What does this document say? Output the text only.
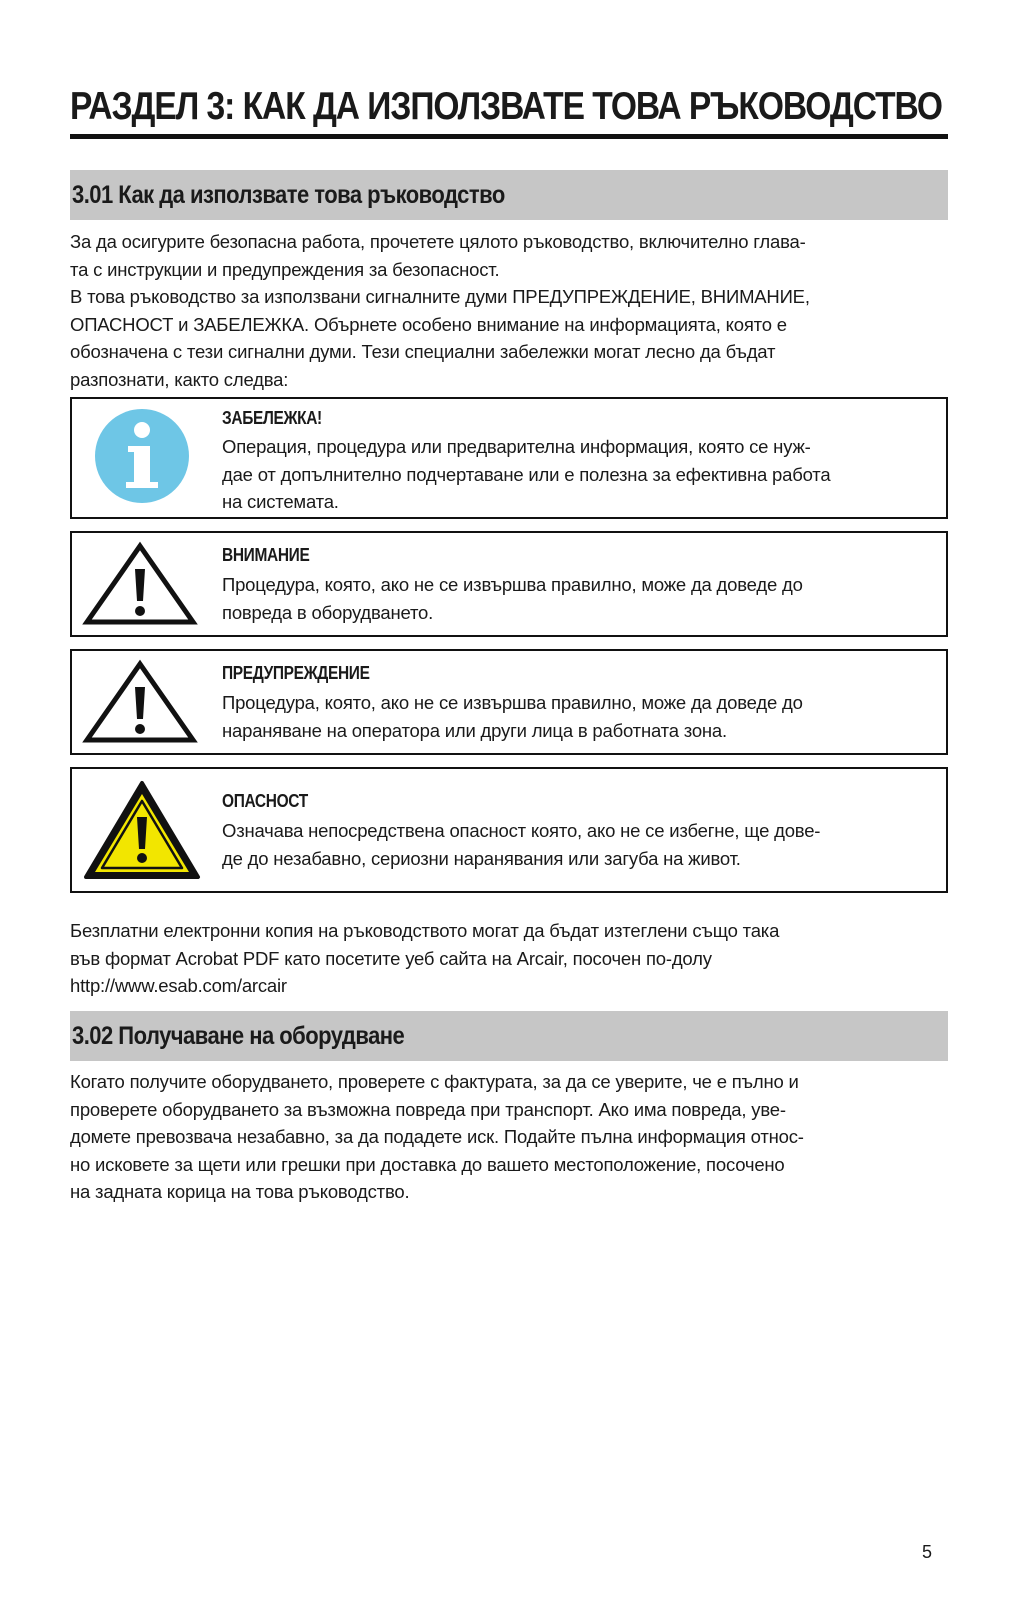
РАЗДЕЛ 3: КАК ДА ИЗПОЛЗВАТЕ ТОВА РЪКОВОДСТВО
3.01 Как да използвате това ръководство

За да осигурите безопасна работа, прочетете цялото ръководство, включително глава-

та с инструкции и предупреждения за безопасност.

В това ръководство за използвани сигналните думи ПРЕДУПРЕЖДЕНИЕ, ВНИМАНИЕ,

ОПАСНОСТ и ЗАБЕЛЕЖКА. Обърнете особено внимание на информацията, която е

обозначена с тези сигнални думи. Тези специални забележки могат лесно да бъдат

разпознати, както следва:

ЗАБЕЛЕЖКА!
Операция, процедура или предварителна информация, която се нуж-
дае от допълнително подчертаване или е полезна за ефективна работа
на системата.
ВНИМАНИЕ
Процедура, която, ако не се извършва правилно, може да доведе до
повреда в оборудването.
ПРЕДУПРЕЖДЕНИЕ
Процедура, която, ако не се извършва правилно, може да доведе до
нараняване на оператора или други лица в работната зона.
ОПАСНОСТ
Означава непосредствена опасност която, ако не се избегне, ще дове-
де до незабавно, сериозни наранявания или загуба на живот.

Безплатни електронни копия на ръководството могат да бъдат изтеглени също така

във формат Acrobat PDF като посетите уеб сайта на Arcair, посочен по-долу

http://www.esab.com/arcair

3.02 Получаване на оборудване

Когато получите оборудването, проверете с фактурата, за да се уверите, че е пълно и

проверете оборудването за възможна повреда при транспорт. Ако има повреда, уве-

домете превозвача незабавно, за да подадете иск. Подайте пълна информация относ-

но исковете за щети или грешки при доставка до вашето местоположение, посочено

на задната корица на това ръководство.

5
